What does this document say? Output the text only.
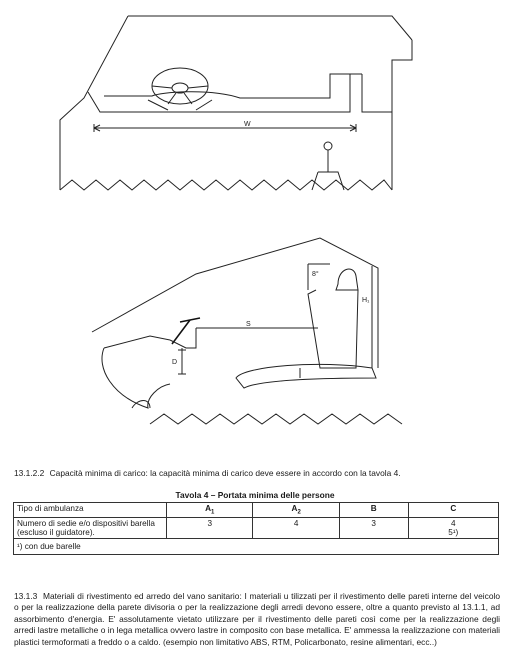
W
S
D
8°
H₁
13.1.2.2 Capacità minima di carico: la capacità minima di carico deve essere in accordo con la tavola 4.
Tavola 4 – Portata minima delle persone
Tipo di ambulanza	$A_1$	$A_2$	B	C
Numero di sedie e/o dispositivi barella (escluso il guidatore).	3	4	3	4
5¹)

¹) con due barelle				
13.1.3 Materiali di rivestimento ed arredo del vano sanitario: I materiali u tilizzati per il rivestimento delle pareti interne del veicolo o per la realizzazione della parete divisoria o per la realizzazione degli arredi devono essere, oltre a quanto previsto al 13.1.1, ad assorbimento d'energia. E' assolutamente vietato utilizzare per il rivestimento delle pareti così come per la realizzazione degli arredi lastre metalliche o in lega metallica ovvero lastre in composito con base metallica. E' ammessa la realizzazione con materiali plastici termoformati a freddo o a caldo. (esempio non limitativo ABS, RTM, Policarbonato, resine alimentari, ecc..)
